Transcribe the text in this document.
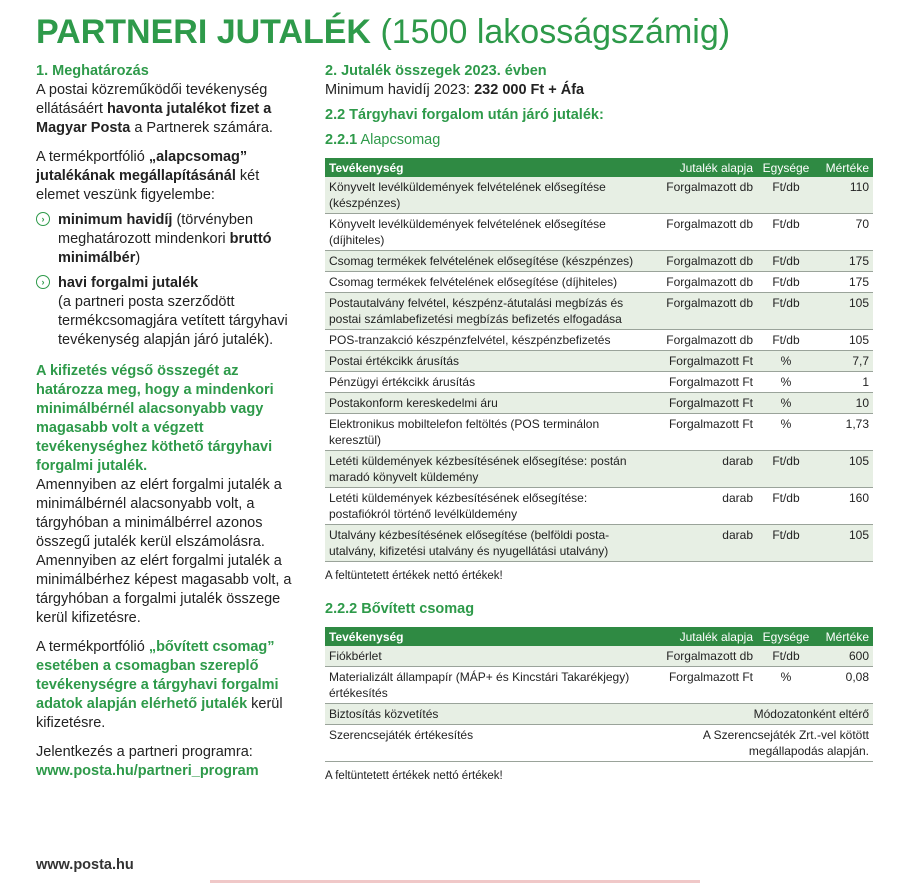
PARTNERI JUTALÉK (1500 lakosságszámig)

1. Meghatározás

A postai közreműködői tevékenység ellátásáért havonta jutalékot fizet a Magyar Posta a Partnerek számára.

A termékportfólió „alapcsomag” jutalékának megállapításánál két elemet veszünk figyelembe:

› minimum havidíj (törvényben meghatározott mindenkori bruttó minimálbér)

› havi forgalmi jutalék
(a partneri posta szerződött termékcsomagjára vetített tárgyhavi tevékenység alapján járó jutalék).

A kifizetés végső összegét az határozza meg, hogy a mindenkori minimálbérnél alacsonyabb vagy magasabb volt a végzett tevékenységhez köthető tárgyhavi forgalmi jutalék.

Amennyiben az elért forgalmi jutalék a minimálbérnél alacsonyabb volt, a tárgyhóban a minimálbérrel azonos összegű jutalék kerül elszámolásra. Amennyiben az elért forgalmi jutalék a minimálbérhez képest magasabb volt, a tárgyhóban a forgalmi jutalék összege kerül kifizetésre.

A termékportfólió „bővített csomag” esetében a csomagban szereplő tevékenységre a tárgyhavi forgalmi adatok alapján elérhető jutalék kerül kifizetésre.

Jelentkezés a partneri programra:

www.posta.hu/partneri_program

2. Jutalék összegek 2023. évben
Minimum havidíj 2023: 232 000 Ft + Áfa
2.2 Tárgyhavi forgalom után járó jutalék:
2.2.1 Alapcsomag
Tevékenység	Jutalék alapja	Egysége	Mértéke
Könyvelt levélküldemények felvételének elősegítése (készpénzes)	Forgalmazott db	Ft/db	110
Könyvelt levélküldemények felvételének elősegítése (díjhiteles)	Forgalmazott db	Ft/db	70
Csomag termékek felvételének elősegítése (készpénzes)	Forgalmazott db	Ft/db	175
Csomag termékek felvételének elősegítése (díjhiteles)	Forgalmazott db	Ft/db	175
Postautalvány felvétel, készpénz-átutalási megbízás és postai számlabefizetési megbízás befizetés elfogadása	Forgalmazott db	Ft/db	105
POS-tranzakció készpénzfelvétel, készpénzbefizetés	Forgalmazott db	Ft/db	105
Postai értékcikk árusítás	Forgalmazott Ft	%	7,7
Pénzügyi értékcikk árusítás	Forgalmazott Ft	%	1
Postakonform kereskedelmi áru	Forgalmazott Ft	%	10
Elektronikus mobiltelefon feltöltés (POS terminálon keresztül)	Forgalmazott Ft	%	1,73
Letéti küldemények kézbesítésének elősegítése: postán maradó könyvelt küldemény	darab	Ft/db	105
Letéti küldemények kézbesítésének elősegítése: postafiókról történő levélküldemény	darab	Ft/db	160
Utalvány kézbesítésének elősegítése (belföldi posta-utalvány, kifizetési utalvány és nyugellátási utalvány)	darab	Ft/db	105
A feltüntetett értékek nettó értékek!
2.2.2 Bővített csomag
Tevékenység	Jutalék alapja	Egysége	Mértéke
Fiókbérlet	Forgalmazott db	Ft/db	600
Materializált állampapír (MÁP+ és Kincstári Takarékjegy) értékesítés	Forgalmazott Ft	%	0,08
Biztosítás közvetítés	Módozatonként eltérő		
Szerencsejáték értékesítés	A Szerencsejáték Zrt.-vel kötött megállapodás alapján.		
A feltüntetett értékek nettó értékek!
www.posta.hu
